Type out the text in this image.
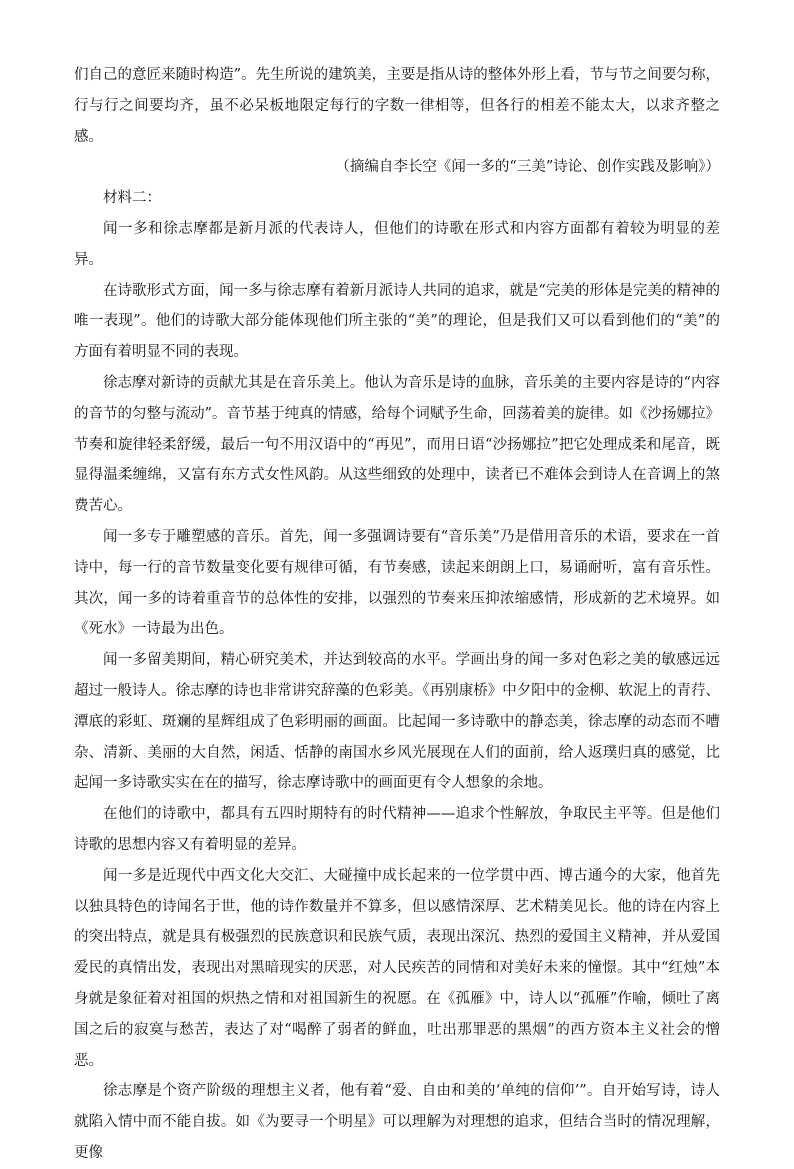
们自己的意匠来随时构造”。先生所说的建筑美，主要是指从诗的整体外形上看，节与节之间要匀称，行与行之间要均齐，虽不必呆板地限定每行的字数一律相等，但各行的相差不能太大，以求齐整之感。

（摘编自李长空《闻一多的“三美”诗论、创作实践及影响》）

材料二：

闻一多和徐志摩都是新月派的代表诗人，但他们的诗歌在形式和内容方面都有着较为明显的差异。

在诗歌形式方面，闻一多与徐志摩有着新月派诗人共同的追求，就是“完美的形体是完美的精神的唯一表现”。他们的诗歌大部分能体现他们所主张的“美”的理论，但是我们又可以看到他们的“美”的方面有着明显不同的表现。

徐志摩对新诗的贡献尤其是在音乐美上。他认为音乐是诗的血脉，音乐美的主要内容是诗的“内容的音节的匀整与流动”。音节基于纯真的情感，给每个词赋予生命，回荡着美的旋律。如《沙扬娜拉》节奏和旋律轻柔舒缓，最后一句不用汉语中的“再见”，而用日语“沙扬娜拉”把它处理成柔和尾音，既显得温柔缠绵，又富有东方式女性风韵。从这些细致的处理中，读者已不难体会到诗人在音调上的煞费苦心。

闻一多专于雕塑感的音乐。首先，闻一多强调诗要有“音乐美”乃是借用音乐的术语，要求在一首诗中，每一行的音节数量变化要有规律可循，有节奏感，读起来朗朗上口，易诵耐听，富有音乐性。其次，闻一多的诗着重音节的总体性的安排，以强烈的节奏来压抑浓缩感情，形成新的艺术境界。如《死水》一诗最为出色。

闻一多留美期间，精心研究美术，并达到较高的水平。学画出身的闻一多对色彩之美的敏感远远超过一般诗人。徐志摩的诗也非常讲究辞藻的色彩美。《再别康桥》中夕阳中的金柳、软泥上的青荇、潭底的彩虹、斑斓的星辉组成了色彩明丽的画面。比起闻一多诗歌中的静态美，徐志摩的动态而不嘈杂、清新、美丽的大自然，闲适、恬静的南国水乡风光展现在人们的面前，给人返璞归真的感觉，比起闻一多诗歌实实在在的描写，徐志摩诗歌中的画面更有令人想象的余地。

在他们的诗歌中，都具有五四时期特有的时代精神——追求个性解放，争取民主平等。但是他们诗歌的思想内容又有着明显的差异。

闻一多是近现代中西文化大交汇、大碰撞中成长起来的一位学贯中西、博古通今的大家，他首先以独具特色的诗闻名于世，他的诗作数量并不算多，但以感情深厚、艺术精美见长。他的诗在内容上的突出特点，就是具有极强烈的民族意识和民族气质，表现出深沉、热烈的爱国主义精神，并从爱国爱民的真情出发，表现出对黑暗现实的厌恶，对人民疾苦的同情和对美好未来的憧憬。其中“红烛”本身就是象征着对祖国的炽热之情和对祖国新生的祝愿。在《孤雁》中，诗人以“孤雁”作喻，倾吐了离国之后的寂寞与愁苦，表达了对“喝醉了弱者的鲜血，吐出那罪恶的黑烟”的西方资本主义社会的憎恶。

徐志摩是个资产阶级的理想主义者，他有着“爱、自由和美的‘单纯的信仰’”。自开始写诗，诗人就陷入情中而不能自拔。如《为要寻一个明星》可以理解为对理想的追求，但结合当时的情况理解，更像
